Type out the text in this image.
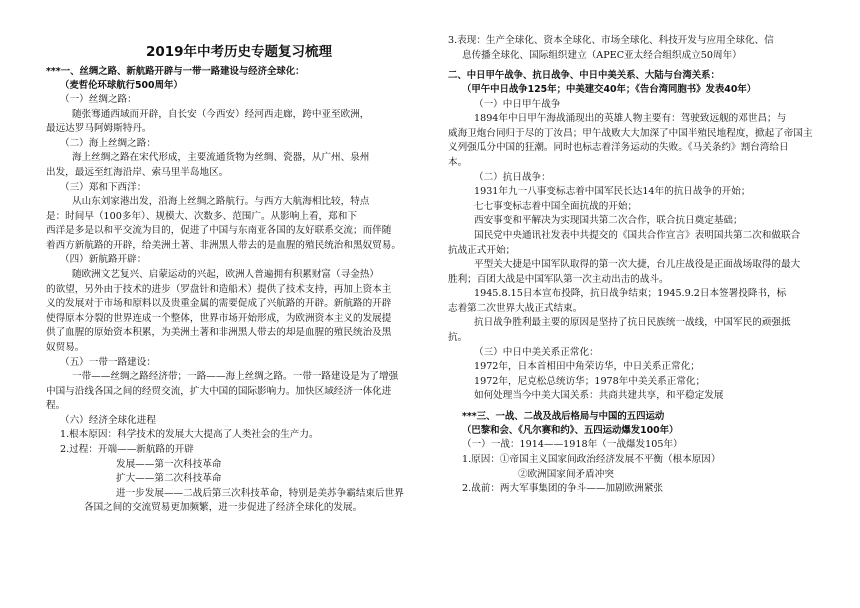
2019年中考历史专题复习梳理

***一、丝绸之路、新航路开辟与一带一路建设与经济全球化：

（麦哲伦环球航行500周年）

（一）丝绸之路：

随张骞通西域而开辟，自长安（今西安）经河西走廊，跨中亚至欧洲，

最远达罗马阿姆斯特丹。

（二）海上丝绸之路：

海上丝绸之路在宋代形成，主要流通货物为丝绸、瓷器，从广州、泉州

出发，最远至红海沿岸、索马里半岛地区。

（三）郑和下西洋：

从山东刘家港出发，沿海上丝绸之路航行。与西方大航海相比较，特点

是：时间早（100多年）、规模大、次数多、范围广。从影响上看，郑和下

西洋是多是以和平交流为目的，促进了中国与东南亚各国的友好联系交流；而伴随

着西方新航路的开辟，给美洲土著、非洲黑人带去的是血腥的殖民统治和黑奴贸易。

（四）新航路开辟：

随欧洲文艺复兴、启蒙运动的兴起，欧洲人普遍拥有积累财富（寻金热）

的欲望，另外由于技术的进步（罗盘针和造船术）提供了技术支持，再加上资本主

义的发展对于市场和原料以及贵重金属的需要促成了兴航路的开辟。新航路的开辟

使得原本分裂的世界连成一个整体，世界市场开始形成，为欧洲资本主义的发展提

供了血腥的原始资本积累，为美洲土著和非洲黑人带去的却是血腥的殖民统治及黑

奴贸易。

（五）一带一路建设：

一带——丝绸之路经济带；一路——海上丝绸之路。一带一路建设是为了增强

中国与沿线各国之间的经贸交流，扩大中国的国际影响力。加快区域经济一体化进

程。

（六）经济全球化进程

1.根本原因：科学技术的发展大大提高了人类社会的生产力。

2.过程：开端——新航路的开辟

发展——第一次科技革命

扩大——第二次科技革命

进一步发展——二战后第三次科技革命，特别是美苏争霸结束后世界

各国之间的交流贸易更加频繁，进一步促进了经济全球化的发展。

3.表现：生产全球化、资本全球化、市场全球化、科技开发与应用全球化、信

息传播全球化、国际组织建立（APEC亚太经合组织成立50周年）

二、中日甲午战争、抗日战争、中日中美关系、大陆与台湾关系：

（甲午中日战争125年；中美建交40年；《告台湾同胞书》发表40年）

（一）中日甲午战争

1894年中日甲午海战涌现出的英雄人物主要有：驾驶致远舰的邓世昌；与

威海卫炮台同归于尽的丁汝昌；甲午战败大大加深了中国半殖民地程度，掀起了帝国主

义列强瓜分中国的狂潮。同时也标志着洋务运动的失败。《马关条约》割台湾给日

本。

（二）抗日战争：

1931年九一八事变标志着中国军民长达14年的抗日战争的开始；

七七事变标志着中国全面抗战的开始；

西安事变和平解决为实现国共第二次合作，联合抗日奠定基础；

国民党中央通讯社发表中共提交的《国共合作宣言》表明国共第二次和做联合

抗战正式开始；

平型关大捷是中国军队取得的第一次大捷，台儿庄战役是正面战场取得的最大

胜利；百团大战是中国军队第一次主动出击的战斗。

1945.8.15日本宣布投降，抗日战争结束；1945.9.2日本签署投降书，标

志着第二次世界大战正式结束。

抗日战争胜利最主要的原因是坚持了抗日民族统一战线，中国军民的顽强抵

抗。

（三）中日中美关系正常化：

1972年，日本首相田中角荣访华，中日关系正常化；

1972年，尼克松总统访华；1978年中美关系正常化；

如何处理当今中美大国关系：共商共建共享，和平稳定发展

***三、一战、二战及战后格局与中国的五四运动

（巴黎和会、《凡尔赛和约》、五四运动爆发100年）

（一）一战：1914——1918年（一战爆发105年）

1.原因：①帝国主义国家间政治经济发展不平衡（根本原因）

②欧洲国家间矛盾冲突

2.战前：两大军事集团的争斗——加剧欧洲紧张
